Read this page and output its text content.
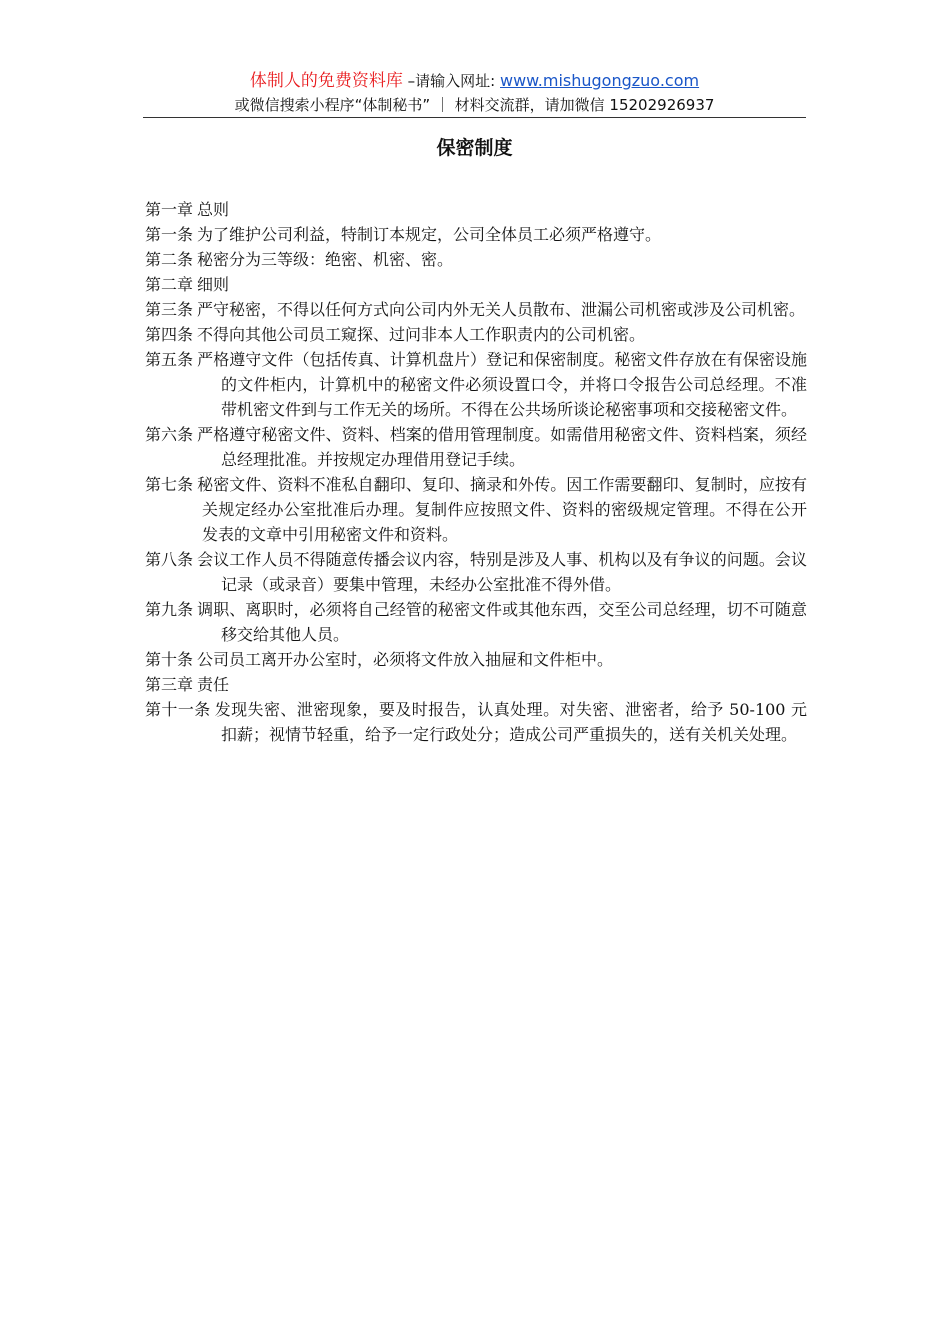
体制人的免费资料库 –请输入网址: www.mishugongzuo.com
或微信搜索小程序“体制秘书” ｜ 材料交流群，请加微信 15202926937
保密制度

第一章 总则

第一条 为了维护公司利益，特制订本规定，公司全体员工必须严格遵守。

第二条 秘密分为三等级：绝密、机密、密。

第二章 细则

第三条 严守秘密，不得以任何方式向公司内外无关人员散布、泄漏公司机密或涉及公司机密。

第四条 不得向其他公司员工窥探、过问非本人工作职责内的公司机密。

第五条 严格遵守文件（包括传真、计算机盘片）登记和保密制度。秘密文件存放在有保密设施的文件柜内，计算机中的秘密文件必须设置口令，并将口令报告公司总经理。不准带机密文件到与工作无关的场所。不得在公共场所谈论秘密事项和交接秘密文件。

第六条 严格遵守秘密文件、资料、档案的借用管理制度。如需借用秘密文件、资料档案，须经总经理批准。并按规定办理借用登记手续。

第七条 秘密文件、资料不准私自翻印、复印、摘录和外传。因工作需要翻印、复制时，应按有关规定经办公室批准后办理。复制件应按照文件、资料的密级规定管理。不得在公开发表的文章中引用秘密文件和资料。

第八条 会议工作人员不得随意传播会议内容，特别是涉及人事、机构以及有争议的问题。会议记录（或录音）要集中管理，未经办公室批准不得外借。

第九条 调职、离职时，必须将自己经管的秘密文件或其他东西，交至公司总经理，切不可随意移交给其他人员。

第十条 公司员工离开办公室时，必须将文件放入抽屉和文件柜中。

第三章 责任

第十一条 发现失密、泄密现象，要及时报告，认真处理。对失密、泄密者，给予 50-100 元扣薪；视情节轻重，给予一定行政处分；造成公司严重损失的，送有关机关处理。
